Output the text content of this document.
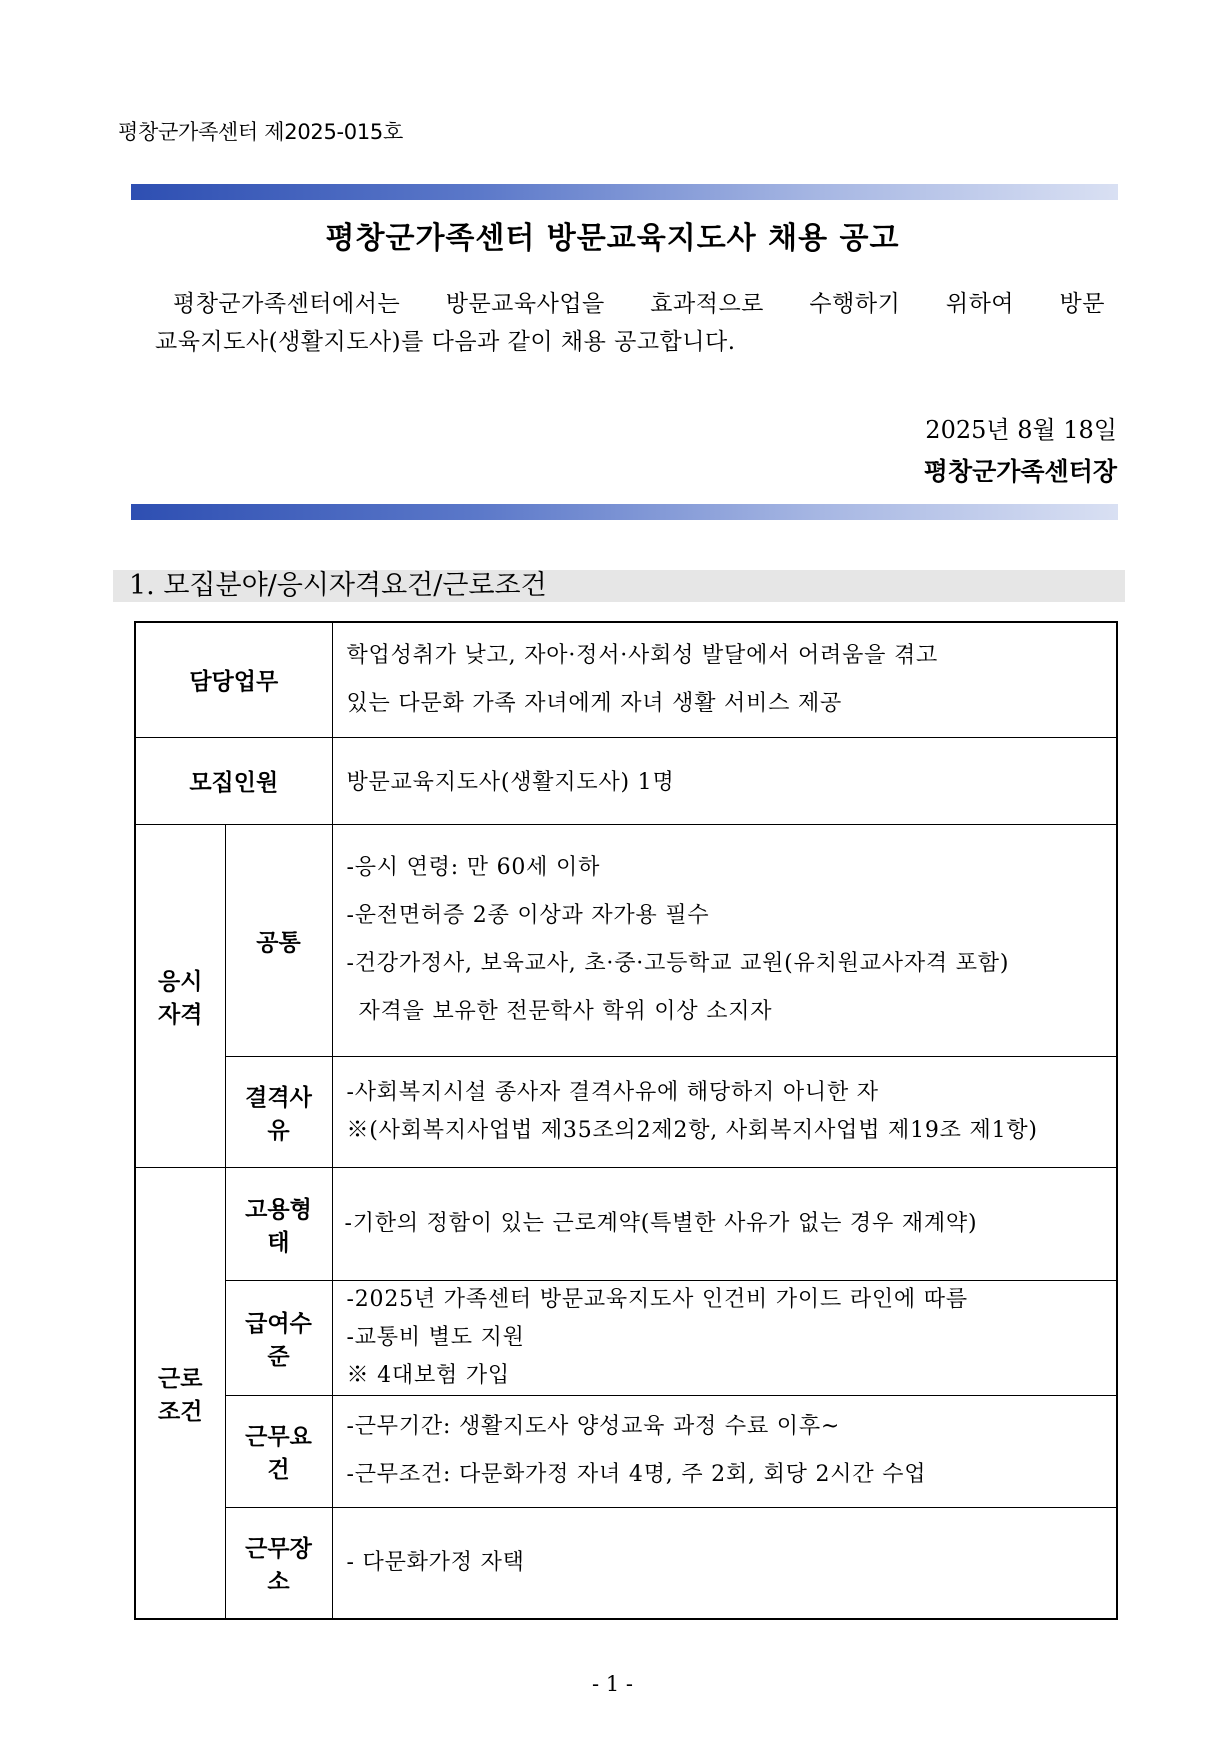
평창군가족센터 제2025-015호
평창군가족센터 방문교육지도사 채용 공고
평창군가족센터에서는 방문교육사업을 효과적으로 수행하기 위하여 방문
교육지도사(생활지도사)를 다음과 같이 채용 공고합니다.
2025년 8월 18일
평창군가족센터장
1. 모집분야/응시자격요건/근로조건
담당업무		학업성취가 낮고, 자아·정서·사회성 발달에서 어려움을 겪고
있는 다문화 가족 자녀에게 자녀 생활 서비스 제공

모집인원		방문교육지도사(생활지도사) 1명
응시자격	공통	-응시 연령: 만 60세 이하
-운전면허증 2종 이상과 자가용 필수
-건강가정사, 보육교사, 초·중·고등학교 교원(유치원교사자격 포함)
자격을 보유한 전문학사 학위 이상 소지자

	결격사유	-사회복지시설 종사자 결격사유에 해당하지 아니한 자
※(사회복지사업법 제35조의2제2항, 사회복지사업법 제19조 제1항)

근로조건	고용형태	-기한의 정함이 있는 근로계약(특별한 사유가 없는 경우 재계약)

	급여수준	-2025년 가족센터 방문교육지도사 인건비 가이드 라인에 따름
-교통비 별도 지원
※ 4대보험 가입

	근무요건	-근무기간: 생활지도사 양성교육 과정 수료 이후~
-근무조건: 다문화가정 자녀 4명, 주 2회, 회당 2시간 수업

	근무장소	- 다문화가정 자택
- 1 -
